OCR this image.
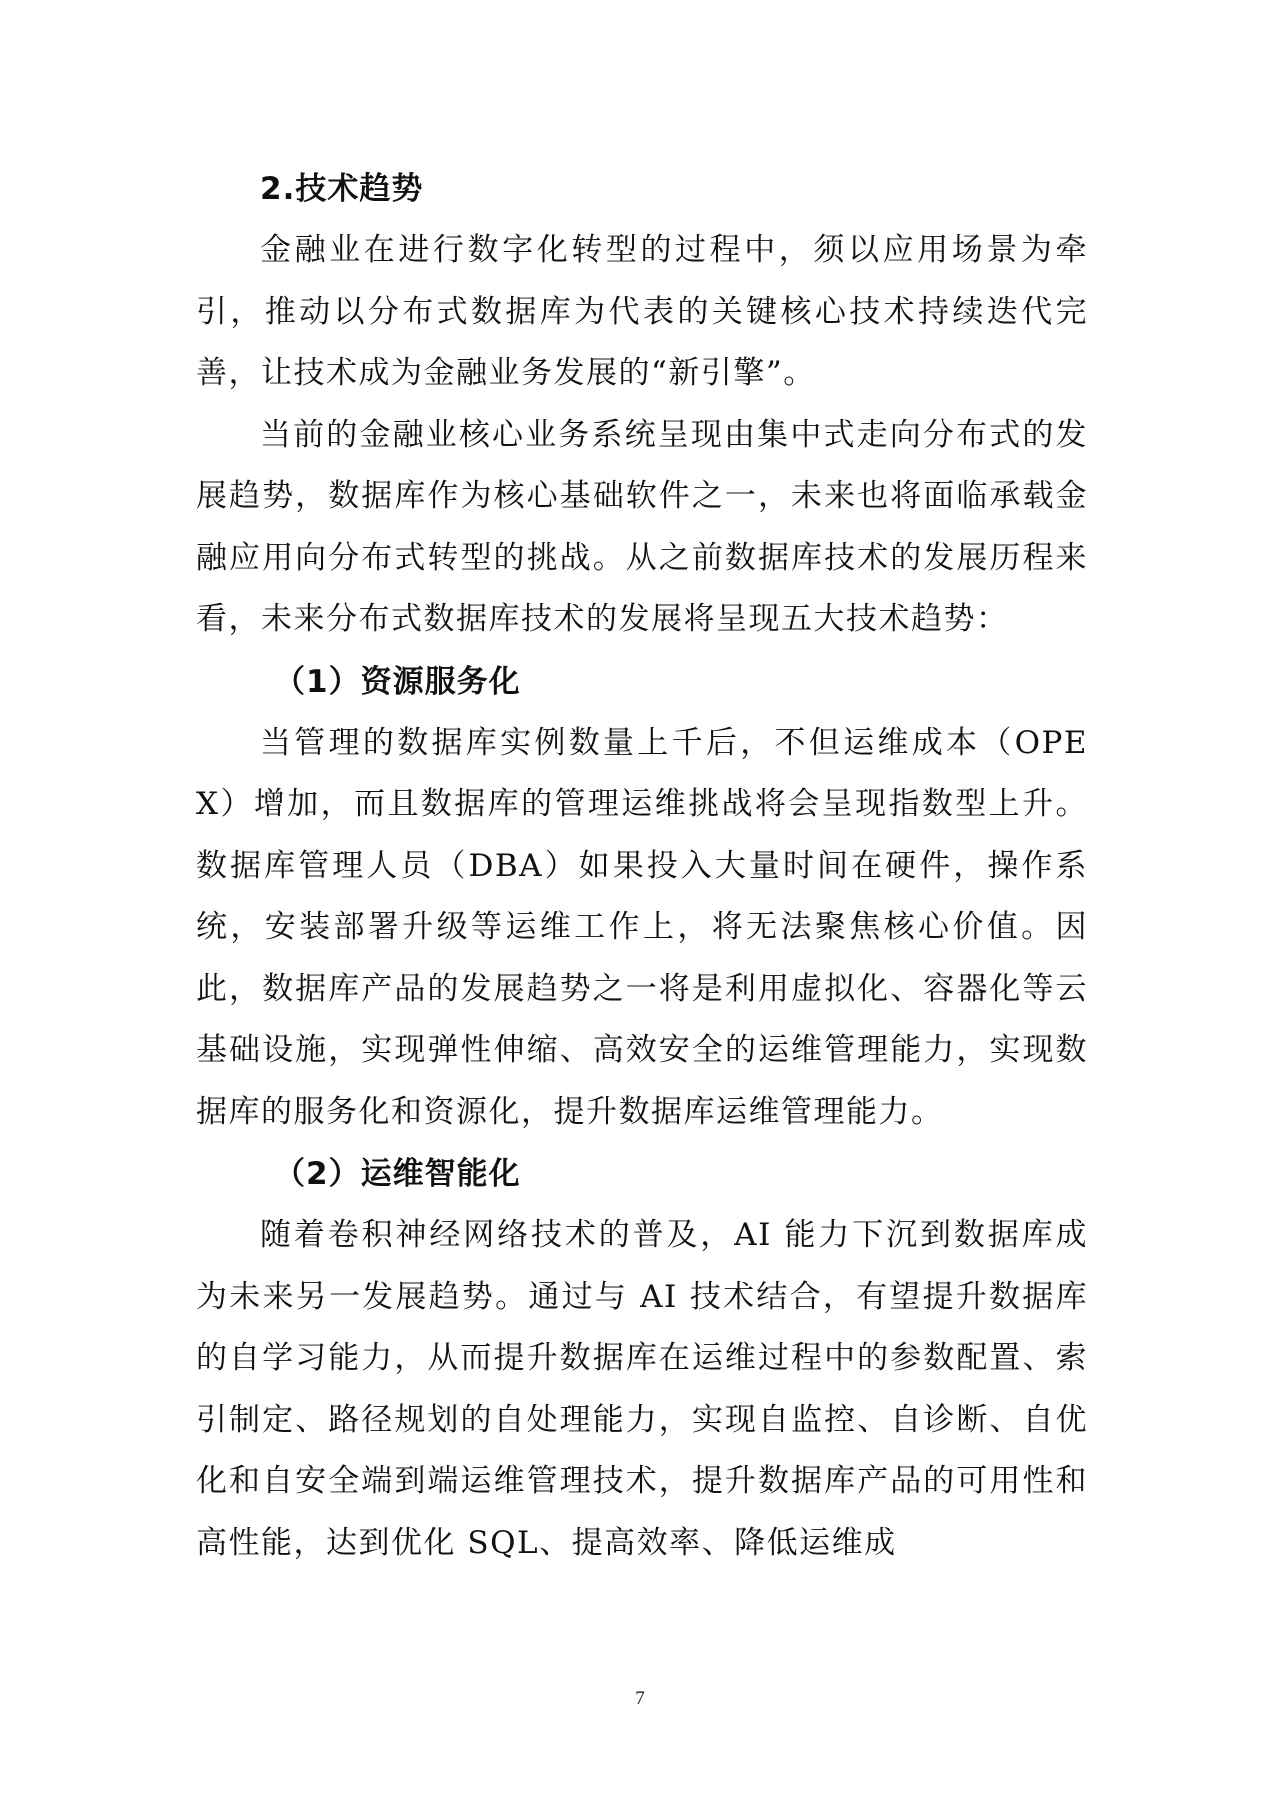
2.技术趋势

金融业在进行数字化转型的过程中，须以应用场景为牵引，推动以分布式数据库为代表的关键核心技术持续迭代完善，让技术成为金融业务发展的“新引擎”。

当前的金融业核心业务系统呈现由集中式走向分布式的发展趋势，数据库作为核心基础软件之一，未来也将面临承载金融应用向分布式转型的挑战。从之前数据库技术的发展历程来看，未来分布式数据库技术的发展将呈现五大技术趋势：

（1）资源服务化

当管理的数据库实例数量上千后，不但运维成本（OPEX）增加，而且数据库的管理运维挑战将会呈现指数型上升。数据库管理人员（DBA）如果投入大量时间在硬件，操作系统，安装部署升级等运维工作上，将无法聚焦核心价值。因此，数据库产品的发展趋势之一将是利用虚拟化、容器化等云基础设施，实现弹性伸缩、高效安全的运维管理能力，实现数据库的服务化和资源化，提升数据库运维管理能力。

（2）运维智能化

随着卷积神经网络技术的普及，AI 能力下沉到数据库成为未来另一发展趋势。通过与 AI 技术结合，有望提升数据库的自学习能力，从而提升数据库在运维过程中的参数配置、索引制定、路径规划的自处理能力，实现自监控、自诊断、自优化和自安全端到端运维管理技术，提升数据库产品的可用性和高性能，达到优化 SQL、提高效率、降低运维成

7
